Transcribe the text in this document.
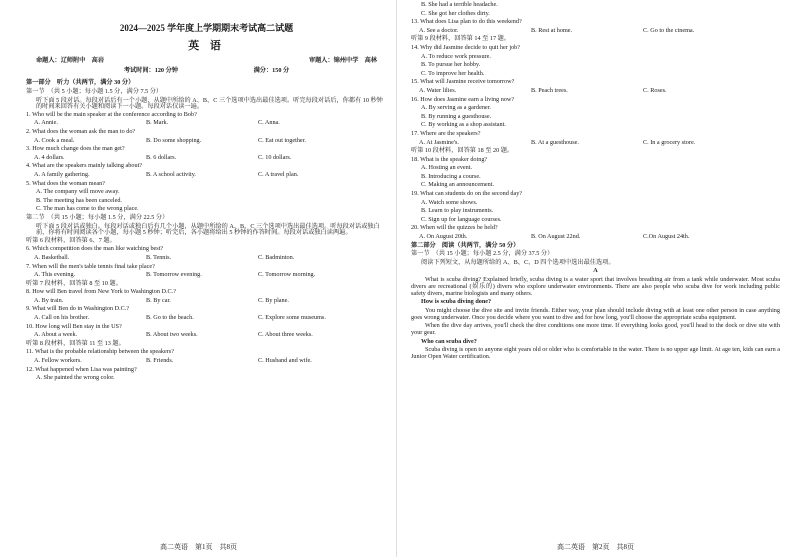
2024—2025 学年度上学期期末考试高二试题
英 语
命题人：辽师附中　高岩	审题人：锦州中学　高林
考试时间：120 分钟	满分：150 分
第一部分　听力（共两节，满分 30 分）
第一节　（共 5 小题；每小题 1.5 分，满分 7.5 分）
听下面 5 段对话。每段对话后有一个小题，从题中所给的 A、B、C 三个选项中选出最佳选项。听完每段对话后，你都有 10 秒钟的时间来回答有关小题和阅读下一小题。每段对话仅读一遍。
1. Who will be the main speaker at the conference according to Bob?
A. Annie.	B. Mark.	C. Anna.
2. What does the woman ask the man to do?
A. Cook a meal.	B. Do some shopping.	C. Eat out together.
3. How much change does the man get?
A. 4 dollars.	B. 6 dollars.	C. 10 dollars.
4. What are the speakers mainly talking about?
A. A family gathering.	B. A school activity.	C. A travel plan.
5. What does the woman mean?
A. The company will move away.
B. The meeting has been canceled.
C. The man has come to the wrong place.
第二节　（共 15 小题；每小题 1.5 分，满分 22.5 分）
听下面 5 段对话或独白。每段对话或独白后有几个小题，从题中所给的 A、B、C 三个选项中选出最佳选项。听每段对话或独白前，你将有时间阅读各个小题，每小题 5 秒钟；听完后，各小题将给出 5 秒钟的作答时间。每段对话或独白读两遍。
听第 6 段材料，回答第 6、7 题。
6. Which competition does the man like watching best?
A. Basketball.	B. Tennis.	C. Badminton.
7. When will the men's table tennis final take place?
A. This evening.	B. Tomorrow evening.	C. Tomorrow morning.
听第 7 段材料，回答第 8 至 10 题。
8. How will Ben travel from New York to Washington D.C.?
A. By train.	B. By car.	C. By plane.
9. What will Ben do in Washington D.C.?
A. Call on his brother.	B. Go to the beach.	C. Explore some museums.
10. How long will Ben stay in the US?
A. About a week.	B. About two weeks.	C. About three weeks.
听第 8 段材料，回答第 11 至 13 题。
11. What is the probable relationship between the speakers?
A. Fellow workers.	B. Friends.	C. Husband and wife.
12. What happened when Lisa was painting?
A. She painted the wrong color.
高二英语　第1页　共8页
B. She had a terrible headache.
C. She got her clothes dirty.
13. What does Lisa plan to do this weekend?
A. See a doctor.	B. Rest at home.	C. Go to the cinema.
听第 9 段材料，回答第 14 至 17 题。
14. Why did Jasmine decide to quit her job?
A. To reduce work pressure.
B. To pursue her hobby.
C. To improve her health.
15. What will Jasmine receive tomorrow?
A. Water lilies.	B. Peach trees.	C. Roses.
16. How does Jasmine earn a living now?
A. By serving as a gardener.
B. By running a guesthouse.
C. By working as a shop assistant.
17. Where are the speakers?
A. At Jasmine's.	B. At a guesthouse.	C. In a grocery store.
听第 10 段材料，回答第 18 至 20 题。
18. What is the speaker doing?
A. Hosting an event.
B. Introducing a course.
C. Making an announcement.
19. What can students do on the second day?
A. Watch some shows.
B. Learn to play instruments.
C. Sign up for language courses.
20. When will the quizzes be held?
A. On August 20th.	B. On August 22nd.	C.On August 24th.
第二部分　阅读（共两节，满分 50 分）
第一节　（共 15 小题；每小题 2.5 分，满分 37.5 分）
阅读下列短文，从每题所给的 A、B、C、D 四个选项中选出最佳选项。
A
What is scuba diving? Explained briefly, scuba diving is a water sport that involves breathing air from a tank while underwater. Most scuba divers are recreational (娱乐的) divers who explore underwater environments. There are also people who scuba dive for work including public safety divers, marine biologists and many others.
How is scuba diving done?
You might choose the dive site and invite friends. Either way, your plan should include diving with at least one other person in case anything goes wrong underwater. Once you decide where you want to dive and for how long, you'll choose the appropriate scuba equipment.
When the dive day arrives, you'll check the dive conditions one more time. If everything looks good, you'll head to the dock or dive site with your gear.
Who can scuba dive?
Scuba diving is open to anyone eight years old or older who is comfortable in the water. There is no upper age limit. At age ten, kids can earn a Junior Open Water certification.
高二英语　第2页　共8页
